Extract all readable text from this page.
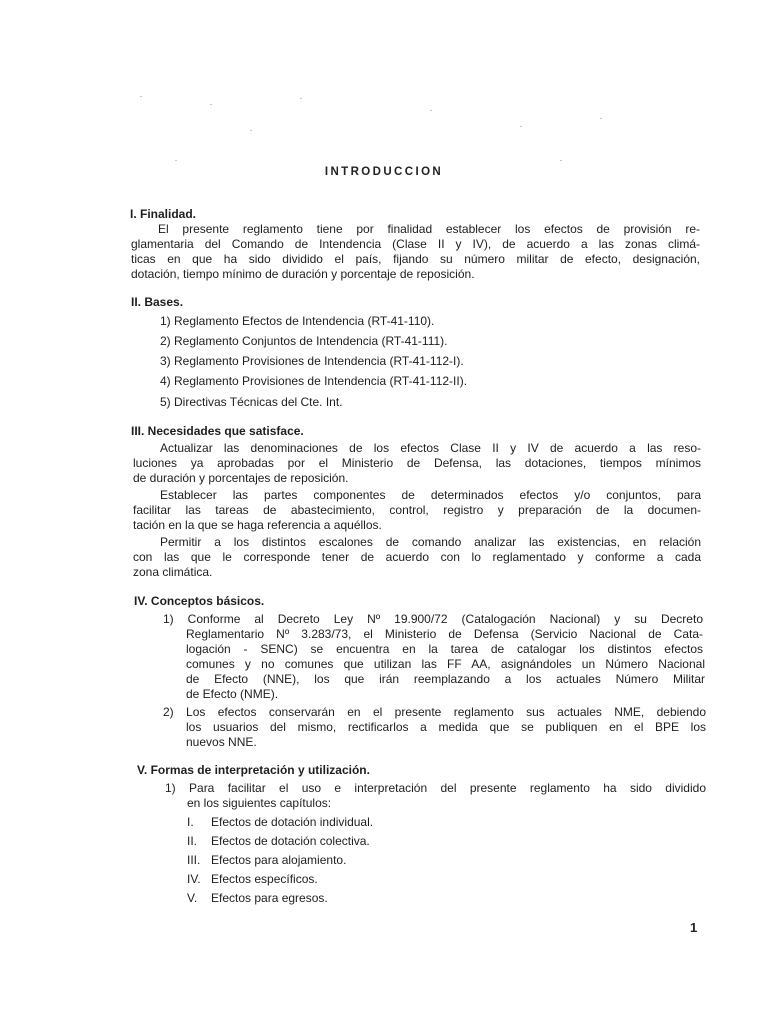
INTRODUCCION
I. Finalidad.
El presente reglamento tiene por finalidad establecer los efectos de provisión re-
glamentaria del Comando de Intendencia (Clase II y IV), de acuerdo a las zonas climá-
ticas en que ha sido dividido el país, fijando su número militar de efecto, designación,
dotación, tiempo mínimo de duración y porcentaje de reposición.
II. Bases.
1) Reglamento Efectos de Intendencia (RT-41-110).
2) Reglamento Conjuntos de Intendencia (RT-41-111).
3) Reglamento Provisiones de Intendencia (RT-41-112-I).
4) Reglamento Provisiones de Intendencia (RT-41-112-II).
5) Directivas Técnicas del Cte. Int.
III. Necesidades que satisface.
Actualizar las denominaciones de los efectos Clase II y IV de acuerdo a las reso-
luciones ya aprobadas por el Ministerio de Defensa, las dotaciones, tiempos mínimos
de duración y porcentajes de reposición.
Establecer las partes componentes de determinados efectos y/o conjuntos, para
facilitar las tareas de abastecimiento, control, registro y preparación de la documen-
tación en la que se haga referencia a aquéllos.
Permitir a los distintos escalones de comando analizar las existencias, en relación
con las que le corresponde tener de acuerdo con lo reglamentado y conforme a cada
zona climática.
IV. Conceptos básicos.
1) Conforme al Decreto Ley Nº 19.900/72 (Catalogación Nacional) y su Decreto
Reglamentario Nº 3.283/73, el Ministerio de Defensa (Servicio Nacional de Cata-
logación - SENC) se encuentra en la tarea de catalogar los distintos efectos
comunes y no comunes que utilizan las FF AA, asignándoles un Número Nacional
de Efecto (NNE), los que irán reemplazando a los actuales Número Militar
de Efecto (NME).
2) Los efectos conservarán en el presente reglamento sus actuales NME, debiendo
los usuarios del mismo, rectificarlos a medida que se publiquen en el BPE los
nuevos NNE.
V. Formas de interpretación y utilización.
1) Para facilitar el uso e interpretación del presente reglamento ha sido dividido
en los siguientes capítulos:
I. Efectos de dotación individual.
II. Efectos de dotación colectiva.
III. Efectos para alojamiento.
IV. Efectos específicos.
V. Efectos para egresos.
1
